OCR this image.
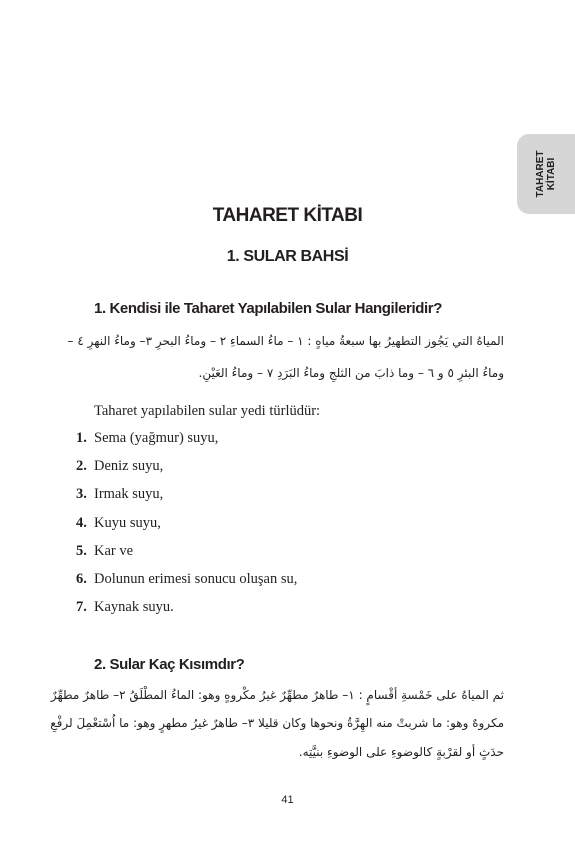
TAHARET KİTABI
TAHARET KİTABI
1. SULAR BAHSİ
1. Kendisi ile Taharet Yapılabilen Sular Hangileridir?
المياهُ التي يَجُوز التطهيرُ بها سبعةُ مياهٍ : ١ – ماءُ السماءِ ٢ – وماءُ البحرِ ٣– وماءُ النهرِ ٤ –
وماءُ البئرِ ٥ و ٦ – وما ذابَ من الثلجِ وماءُ البَرَدِ ٧ – وماءُ العَيْنِ.
Taharet yapılabilen sular yedi türlüdür:
1. Sema (yağmur) suyu,
2. Deniz suyu,
3. Irmak suyu,
4. Kuyu suyu,
5. Kar ve
6. Dolunun erimesi sonucu oluşan su,
7. Kaynak suyu.
2. Sular Kaç Kısımdır?
ثم المياهُ على خَمْسةِ أقْسامٍ : ١– طاهرٌ مطهِّرٌ غيرُ مكْروهٍ وهو: الماءُ المطْلَقُ ٢– طاهرٌ مطهِّرٌ
مكروهٌ وهو: ما شربتْ منه الهِرَّةُ ونحوها وكان قليلا ٣– طاهرٌ غيرُ مطهرٍ وهو: ما اُسْتعْمِلَ لرفْعِ
حدَثٍ أو لقرْبةٍ كالوضوءِ على الوضوءِ بنيَّتِه.
41
